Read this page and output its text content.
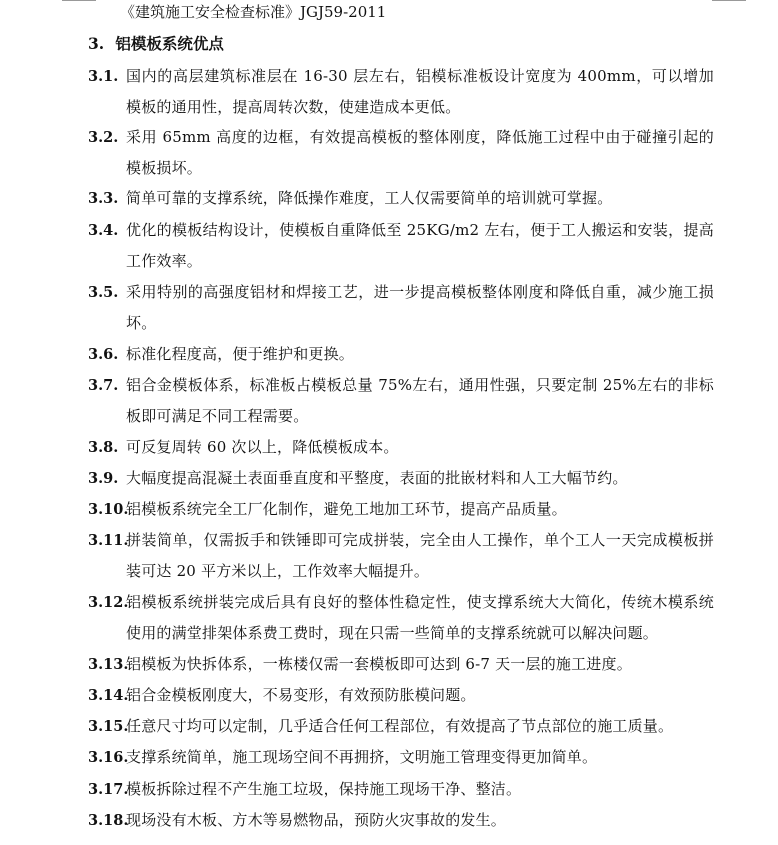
《建筑施工安全检查标准》JGJ59-2011
3. 铝模板系统优点
3.1. 国内的高层建筑标准层在 16-30 层左右，铝模标准板设计宽度为 400mm，可以增加模板的通用性，提高周转次数，使建造成本更低。
3.2. 采用 65mm 高度的边框，有效提高模板的整体刚度，降低施工过程中由于碰撞引起的模板损坏。
3.3. 简单可靠的支撑系统，降低操作难度，工人仅需要简单的培训就可掌握。
3.4. 优化的模板结构设计，使模板自重降低至 25KG/m2 左右，便于工人搬运和安装，提高工作效率。
3.5. 采用特别的高强度铝材和焊接工艺，进一步提高模板整体刚度和降低自重，减少施工损坏。
3.6. 标准化程度高，便于维护和更换。
3.7. 铝合金模板体系，标准板占模板总量 75%左右，通用性强，只要定制 25%左右的非标板即可满足不同工程需要。
3.8. 可反复周转 60 次以上，降低模板成本。
3.9. 大幅度提高混凝土表面垂直度和平整度，表面的批嵌材料和人工大幅节约。
3.10.
铝模板系统完全工厂化制作，避免工地加工环节，提高产品质量。
3.11.
拼装简单，仅需扳手和铁锤即可完成拼装，完全由人工操作，单个工人一天完成模板拼装可达 20 平方米以上，工作效率大幅提升。
3.12.
铝模板系统拼装完成后具有良好的整体性稳定性，使支撑系统大大简化，传统木模系统使用的满堂排架体系费工费时，现在只需一些简单的支撑系统就可以解决问题。
3.13.
铝模板为快拆体系，一栋楼仅需一套模板即可达到 6-7 天一层的施工进度。
3.14.
铝合金模板刚度大，不易变形，有效预防胀模问题。
3.15.
任意尺寸均可以定制，几乎适合任何工程部位，有效提高了节点部位的施工质量。
3.16.
支撑系统简单，施工现场空间不再拥挤，文明施工管理变得更加简单。
3.17.
模板拆除过程不产生施工垃圾，保持施工现场干净、整洁。
3.18.
现场没有木板、方木等易燃物品，预防火灾事故的发生。
